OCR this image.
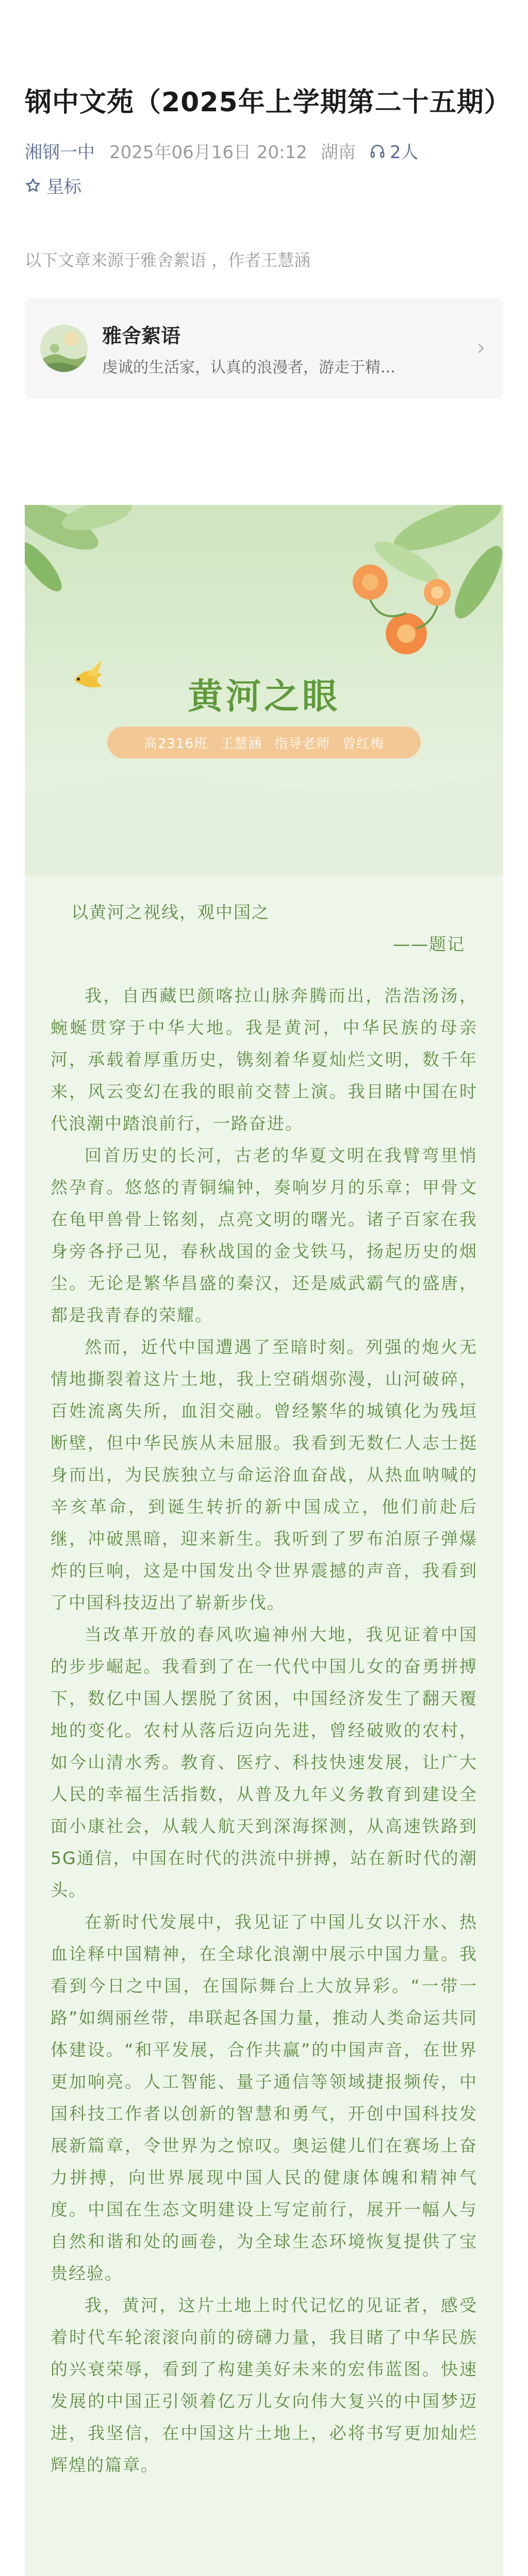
钢中文苑（2025年上学期第二十五期）
湘钢一中 2025年06月16日 20:12 湖南 2人
星标

以下文章来源于雅舍絮语 ，作者王慧涵

雅舍絮语
虔诚的生活家，认真的浪漫者，游走于精...
黄河之眼
高2316班 王慧涵 指导老师 曾红梅

以黄河之视线，观中国之

——题记

我，自西藏巴颜喀拉山脉奔腾而出，浩浩汤汤，蜿蜒贯穿于中华大地。我是黄河，中华民族的母亲河，承载着厚重历史，镌刻着华夏灿烂文明，数千年来，风云变幻在我的眼前交替上演。我目睹中国在时代浪潮中踏浪前行，一路奋进。

回首历史的长河，古老的华夏文明在我臂弯里悄然孕育。悠悠的青铜编钟，奏响岁月的乐章；甲骨文在龟甲兽骨上铭刻，点亮文明的曙光。诸子百家在我身旁各抒己见，春秋战国的金戈铁马，扬起历史的烟尘。无论是繁华昌盛的秦汉，还是威武霸气的盛唐，都是我青春的荣耀。

然而，近代中国遭遇了至暗时刻。列强的炮火无情地撕裂着这片土地，我上空硝烟弥漫，山河破碎，百姓流离失所，血泪交融。曾经繁华的城镇化为残垣断壁，但中华民族从未屈服。我看到无数仁人志士挺身而出，为民族独立与命运浴血奋战，从热血呐喊的辛亥革命，到诞生转折的新中国成立，他们前赴后继，冲破黑暗，迎来新生。我听到了罗布泊原子弹爆炸的巨响，这是中国发出令世界震撼的声音，我看到了中国科技迈出了崭新步伐。

当改革开放的春风吹遍神州大地，我见证着中国的步步崛起。我看到了在一代代中国儿女的奋勇拼搏下，数亿中国人摆脱了贫困，中国经济发生了翻天覆地的变化。农村从落后迈向先进，曾经破败的农村，如今山清水秀。教育、医疗、科技快速发展，让广大人民的幸福生活指数，从普及九年义务教育到建设全面小康社会，从载人航天到深海探测，从高速铁路到5G通信，中国在时代的洪流中拼搏，站在新时代的潮头。

在新时代发展中，我见证了中国儿女以汗水、热血诠释中国精神，在全球化浪潮中展示中国力量。我看到今日之中国，在国际舞台上大放异彩。“一带一路”如绸丽丝带，串联起各国力量，推动人类命运共同体建设。“和平发展，合作共赢”的中国声音，在世界更加响亮。人工智能、量子通信等领域捷报频传，中国科技工作者以创新的智慧和勇气，开创中国科技发展新篇章，令世界为之惊叹。奥运健儿们在赛场上奋力拼搏，向世界展现中国人民的健康体魄和精神气度。中国在生态文明建设上写定前行，展开一幅人与自然和谐和处的画卷，为全球生态环境恢复提供了宝贵经验。

我，黄河，这片土地上时代记忆的见证者，感受着时代车轮滚滚向前的磅礴力量，我目睹了中华民族的兴衰荣辱，看到了构建美好未来的宏伟蓝图。快速发展的中国正引领着亿万儿女向伟大复兴的中国梦迈进，我坚信，在中国这片土地上，必将书写更加灿烂辉煌的篇章。
